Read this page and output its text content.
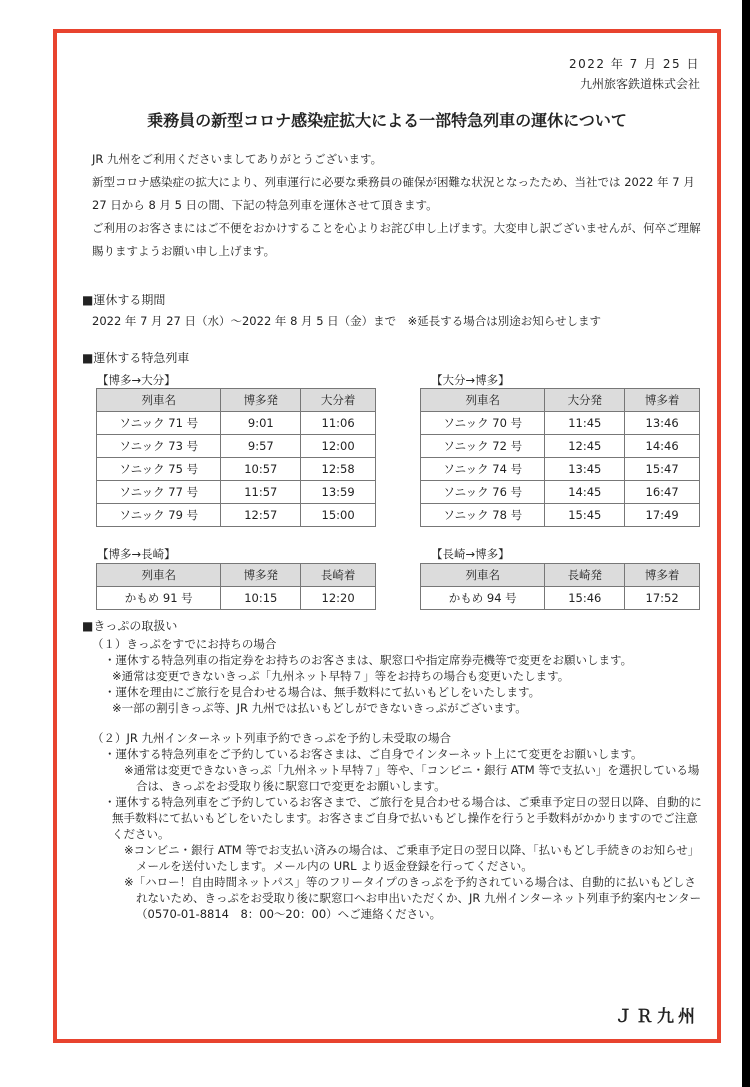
2022 年 7 月 25 日
九州旅客鉄道株式会社
乗務員の新型コロナ感染症拡大による一部特急列車の運休について

JR 九州をご利用くださいましてありがとうございます。

新型コロナ感染症の拡大により、列車運行に必要な乗務員の確保が困難な状況となったため、当社では 2022 年 7 月 27 日から 8 月 5 日の間、下記の特急列車を運休させて頂きます。

ご利用のお客さまにはご不便をおかけすることを心よりお詫び申し上げます。大変申し訳ございませんが、何卒ご理解賜りますようお願い申し上げます。

■運休する期間
2022 年 7 月 27 日（水）〜2022 年 8 月 5 日（金）まで　※延長する場合は別途お知らせします
■運休する特急列車
【博多→大分】
列車名	博多発	大分着
ソニック 71 号	9:01	11:06
ソニック 73 号	9:57	12:00
ソニック 75 号	10:57	12:58
ソニック 77 号	11:57	13:59
ソニック 79 号	12:57	15:00
【大分→博多】
列車名	大分発	博多着
ソニック 70 号	11:45	13:46
ソニック 72 号	12:45	14:46
ソニック 74 号	13:45	15:47
ソニック 76 号	14:45	16:47
ソニック 78 号	15:45	17:49
【博多→長崎】
列車名	博多発	長崎着
かもめ 91 号	10:15	12:20
【長崎→博多】
列車名	長崎発	博多着
かもめ 94 号	15:46	17:52
■きっぷの取扱い
（１）きっぷをすでにお持ちの場合
・運休する特急列車の指定券をお持ちのお客さまは、駅窓口や指定席券売機等で変更をお願いします。
※通常は変更できないきっぷ「九州ネット早特７」等をお持ちの場合も変更いたします。
・運休を理由にご旅行を見合わせる場合は、無手数料にて払いもどしをいたします。
※一部の割引きっぷ等、JR 九州では払いもどしができないきっぷがございます。
（２）JR 九州インターネット列車予約できっぷを予約し未受取の場合
・運休する特急列車をご予約しているお客さまは、ご自身でインターネット上にて変更をお願いします。
※通常は変更できないきっぷ「九州ネット早特７」等や、「コンビニ・銀行 ATM 等で支払い」を選択している場合は、きっぷをお受取り後に駅窓口で変更をお願いします。
・運休する特急列車をご予約しているお客さまで、ご旅行を見合わせる場合は、ご乗車予定日の翌日以降、自動的に無手数料にて払いもどしをいたします。お客さまご自身で払いもどし操作を行うと手数料がかかりますのでご注意ください。
※コンビニ・銀行 ATM 等でお支払い済みの場合は、ご乗車予定日の翌日以降、「払いもどし手続きのお知らせ」メールを送付いたします。メール内の URL より返金登録を行ってください。
※「ハロー！自由時間ネットパス」等のフリータイプのきっぷを予約されている場合は、自動的に払いもどしされないため、きっぷをお受取り後に駅窓口へお申出いただくか、JR 九州インターネット列車予約案内センター（0570-01-8814　8：00〜20：00）へご連絡ください。
ＪＲ九州
